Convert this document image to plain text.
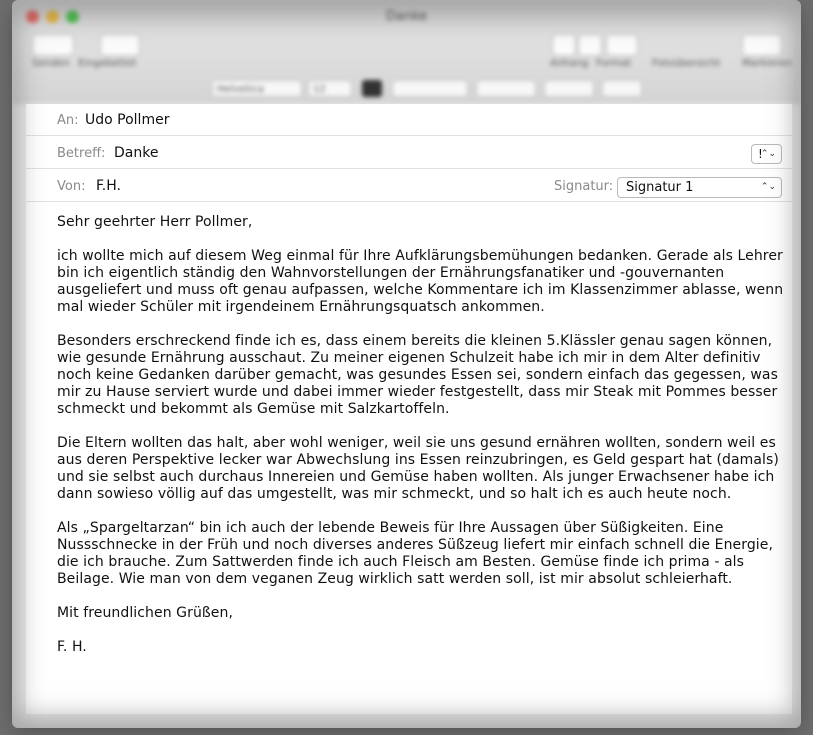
Danke
Senden Eingebettet	Anhang Format Fotoübersicht Markieren
Helvetica	12
An: Udo Pollmer
Betreff: Danke	!
⌃⌄
Von: F.H.	Signatur: Signatur 1	⌃⌄

Sehr geehrter Herr Pollmer,

ich wollte mich auf diesem Weg einmal für Ihre Aufklärungsbemühungen bedanken. Gerade als Lehrer
bin ich eigentlich ständig den Wahnvorstellungen der Ernährungsfanatiker und -gouvernanten
ausgeliefert und muss oft genau aufpassen, welche Kommentare ich im Klassenzimmer ablasse, wenn
mal wieder Schüler mit irgendeinem Ernährungsquatsch ankommen.

Besonders erschreckend finde ich es, dass einem bereits die kleinen 5.Klässler genau sagen können,
wie gesunde Ernährung ausschaut. Zu meiner eigenen Schulzeit habe ich mir in dem Alter definitiv
noch keine Gedanken darüber gemacht, was gesundes Essen sei, sondern einfach das gegessen, was
mir zu Hause serviert wurde und dabei immer wieder festgestellt, dass mir Steak mit Pommes besser
schmeckt und bekommt als Gemüse mit Salzkartoffeln.

Die Eltern wollten das halt, aber wohl weniger, weil sie uns gesund ernähren wollten, sondern weil es
aus deren Perspektive lecker war Abwechslung ins Essen reinzubringen, es Geld gespart hat (damals)
und sie selbst auch durchaus Innereien und Gemüse haben wollten. Als junger Erwachsener habe ich
dann sowieso völlig auf das umgestellt, was mir schmeckt, und so halt ich es auch heute noch.

Als „Spargeltarzan“ bin ich auch der lebende Beweis für Ihre Aussagen über Süßigkeiten. Eine
Nussschnecke in der Früh und noch diverses anderes Süßzeug liefert mir einfach schnell die Energie,
die ich brauche. Zum Sattwerden finde ich auch Fleisch am Besten. Gemüse finde ich prima - als
Beilage. Wie man von dem veganen Zeug wirklich satt werden soll, ist mir absolut schleierhaft.

Mit freundlichen Grüßen,

F. H.
